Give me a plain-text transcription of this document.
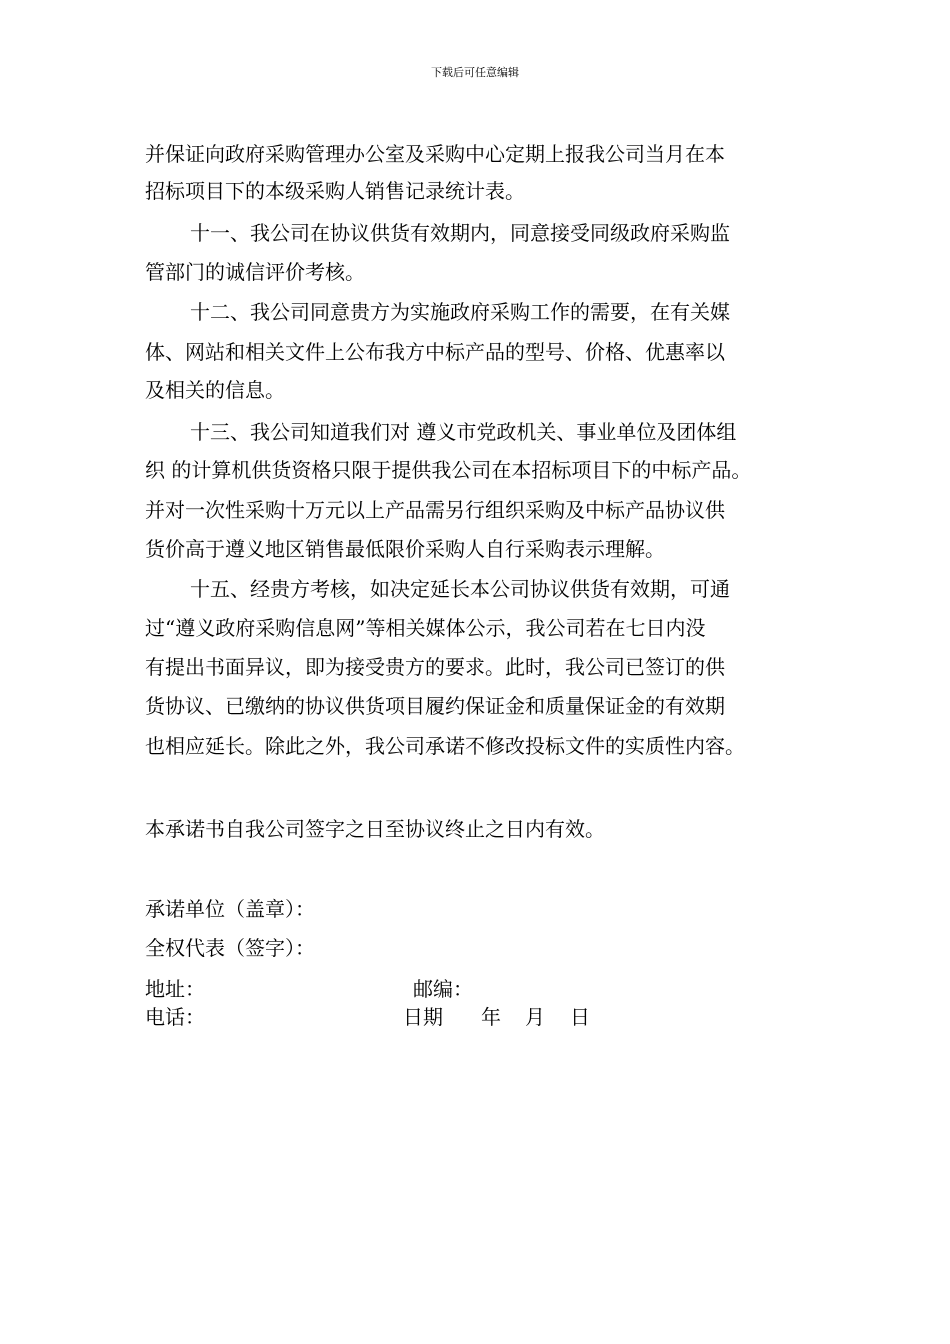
下载后可任意编辑
并保证向政府采购管理办公室及采购中心定期上报我公司当月在本
招标项目下的本级采购人销售记录统计表。
十一、我公司在协议供货有效期内，同意接受同级政府采购监
管部门的诚信评价考核。
十二、我公司同意贵方为实施政府采购工作的需要，在有关媒
体、网站和相关文件上公布我方中标产品的型号、价格、优惠率以
及相关的信息。
十三、我公司知道我们对 遵义市党政机关、事业单位及团体组
织 的计算机供货资格只限于提供我公司在本招标项目下的中标产品。
并对一次性采购十万元以上产品需另行组织采购及中标产品协议供
货价高于遵义地区销售最低限价采购人自行采购表示理解。
十五、经贵方考核，如决定延长本公司协议供货有效期，可通
过“遵义政府采购信息网”等相关媒体公示，我公司若在七日内没
有提出书面异议，即为接受贵方的要求。此时，我公司已签订的供
货协议、已缴纳的协议供货项目履约保证金和质量保证金的有效期
也相应延长。除此之外，我公司承诺不修改投标文件的实质性内容。
本承诺书自我公司签字之日至协议终止之日内有效。
承诺单位（盖章）：
全权代表（签字）：
地址：	邮编：
电话：	日期 年 月 日
